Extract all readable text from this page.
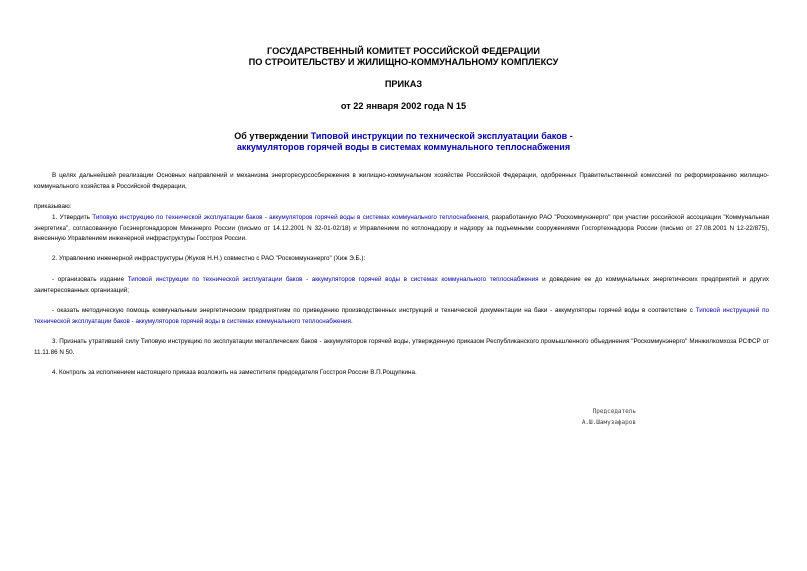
ГОСУДАРСТВЕННЫЙ КОМИТЕТ РОССИЙСКОЙ ФЕДЕРАЦИИ
ПО СТРОИТЕЛЬСТВУ И ЖИЛИЩНО-КОММУНАЛЬНОМУ КОМПЛЕКСУ
ПРИКАЗ
от 22 января 2002 года N 15
Об утверждении Типовой инструкции по технической эксплуатации баков -
аккумуляторов горячей воды в системах коммунального теплоснабжения
В целях дальнейшей реализации Основных направлений и механизма энергоресурсосбережения в жилищно-коммунальном хозяйстве Российской Федерации, одобренных Правительственной комиссией по реформированию жилищно-коммунального хозяйства в Российской Федерации,
приказываю:
1. Утвердить Типовую инструкцию по технической эксплуатации баков - аккумуляторов горячей воды в системах коммунального теплоснабжения, разработанную РАО "Роскоммунэнерго" при участии российской ассоциации "Коммунальная энергетика", согласованную Госэнергонадзором Минэнерго России (письмо от 14.12.2001 N 32-01-02/18) и Управлением по котлонадзору и надзору за подъемными сооружениями Госгортехнадзора России (письмо от 27.08.2001 N 12-22/875), внесенную Управлением инженерной инфраструктуры Госстроя России.
2. Управлению инженерной инфраструктуры (Жуков Н.Н.) совместно с РАО "Роскоммунэнерго" (Хиж Э.Б.):
- организовать издание Типовой инструкции по технической эксплуатации баков - аккумуляторов горячей воды в системах коммунального теплоснабжения и доведение ее до коммунальных энергетических предприятий и других заинтересованных организаций;
- оказать методическую помощь коммунальным энергетическим предприятиям по приведению производственных инструкций и технической документации на баки - аккумуляторы горячей воды в соответствие с Типовой инструкцией по технической эксплуатации баков - аккумуляторов горячей воды в системах коммунального теплоснабжения.
3. Признать утратившей силу Типовую инструкцию по эксплуатации металлических баков - аккумуляторов горячей воды, утвержденную приказом Республиканского промышленного объединения "Роскоммунэнерго" Минжилкомхоза РСФСР от 11.11.86 N 50.
4. Контроль за исполнением настоящего приказа возложить на заместителя председателя Госстроя России В.П.Рощупкина.
Председатель
А.Ш.Шамузафаров
